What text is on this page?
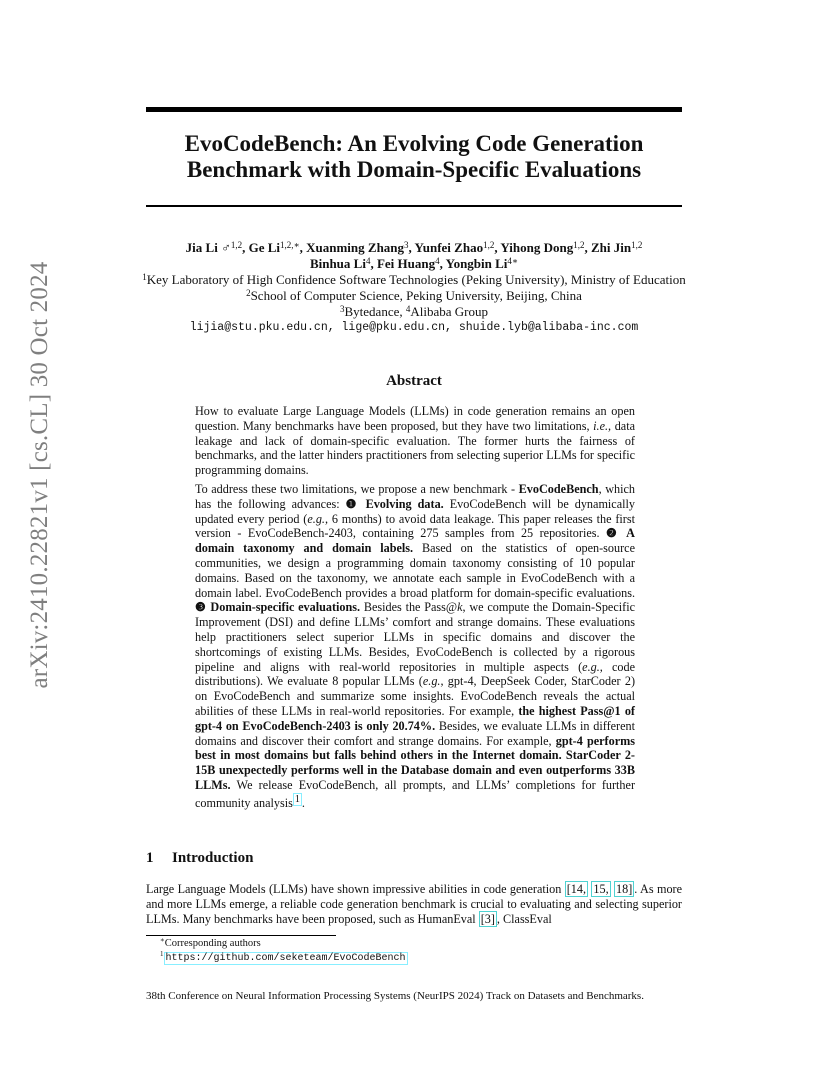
EvoCodeBench: An Evolving Code Generation
Benchmark with Domain-Specific Evaluations
arXiv:2410.22821v1 [cs.CL] 30 Oct 2024
Jia Li ♂$^{1,2}$, Ge $Li^{1,2,∗}$, Xuanming Zhang$^3$, Yunfei Zhao$^{1,2}$, Yihong Dong$^{1,2}$, Zhi Jin$^{1,2}$
Binhua Li$^4$, Fei Huang$^4$, Yongbin $Li^{4∗}$
$^1$Key Laboratory of High Confidence Software Technologies (Peking University), Ministry of Education
$^2$School of Computer Science, Peking University, Beijing, China
$^3$Bytedance, $^4$Alibaba Group
lijia@stu.pku.edu.cn, lige@pku.edu.cn, shuide.lyb@alibaba-inc.com
Abstract

How to evaluate Large Language Models (LLMs) in code generation remains an open question. Many benchmarks have been proposed, but they have two limitations, i.e., data leakage and lack of domain-specific evaluation. The former hurts the fairness of benchmarks, and the latter hinders practitioners from selecting superior LLMs for specific programming domains.

To address these two limitations, we propose a new benchmark - EvoCodeBench, which has the following advances: ❶ Evolving data. EvoCodeBench will be dynamically updated every period (e.g., 6 months) to avoid data leakage. This paper releases the first version - EvoCodeBench-2403, containing 275 samples from 25 repositories. ❷ A domain taxonomy and domain labels. Based on the statistics of open-source communities, we design a programming domain taxonomy consisting of 10 popular domains. Based on the taxonomy, we annotate each sample in EvoCodeBench with a domain label. EvoCodeBench provides a broad platform for domain-specific evaluations. ❸ Domain-specific evaluations. Besides the Pass@k, we compute the Domain-Specific Improvement (DSI) and define LLMs’ comfort and strange domains. These evaluations help practitioners select superior LLMs in specific domains and discover the shortcomings of existing LLMs. Besides, EvoCodeBench is collected by a rigorous pipeline and aligns with real-world repositories in multiple aspects (e.g., code distributions). We evaluate 8 popular LLMs (e.g., gpt-4, DeepSeek Coder, StarCoder 2) on EvoCodeBench and summarize some insights. EvoCodeBench reveals the actual abilities of these LLMs in real-world repositories. For example, the highest Pass@1 of gpt-4 on EvoCodeBench-2403 is only 20.74%. Besides, we evaluate LLMs in different domains and discover their comfort and strange domains. For example, gpt-4 performs best in most domains but falls behind others in the Internet domain. StarCoder 2-15B unexpectedly performs well in the Database domain and even outperforms 33B LLMs. We release EvoCodeBench, all prompts, and LLMs’ completions for further community analysis $^1$ .

1 Introduction

Large Language Models (LLMs) have shown impressive abilities in code generation [14, 15, 18] . As more and more LLMs emerge, a reliable code generation benchmark is crucial to evaluating and selecting superior LLMs. Many benchmarks have been proposed, such as HumanEval [3] , ClassEval

∗Corresponding authors
$^1$ https://github.com/seketeam/EvoCodeBench

38th Conference on Neural Information Processing Systems (NeurIPS 2024) Track on Datasets and Benchmarks.
